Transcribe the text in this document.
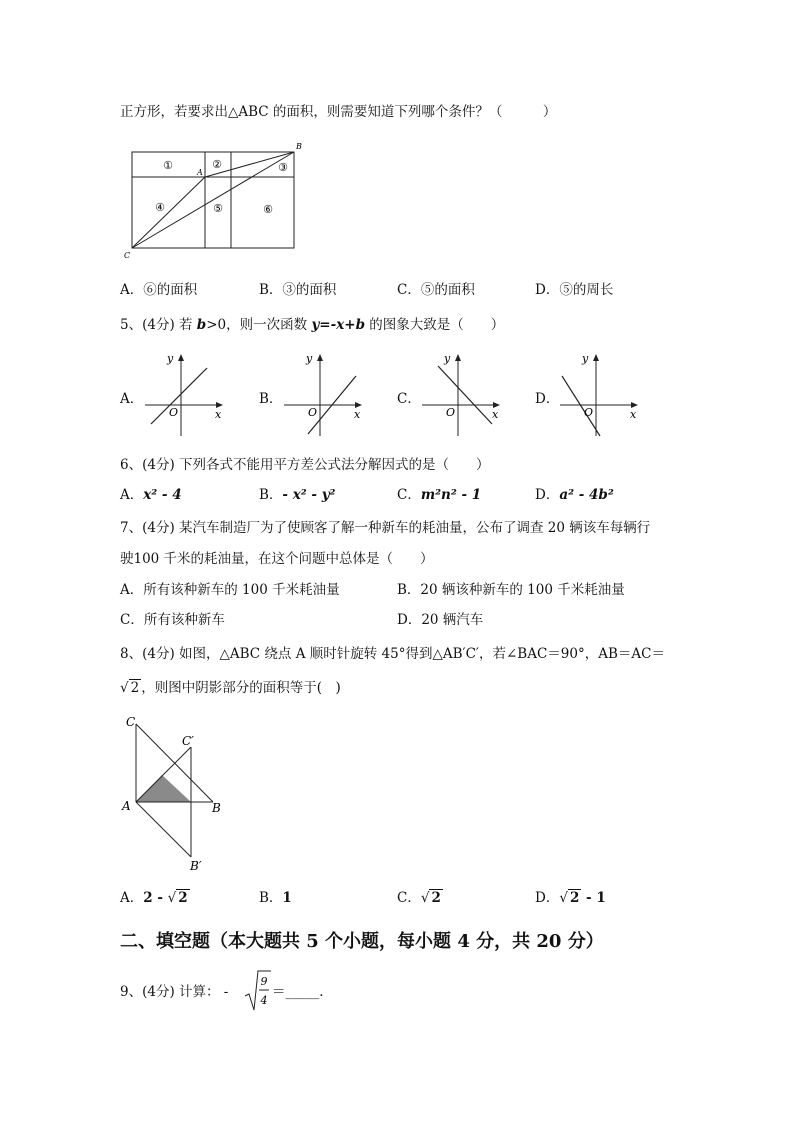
正方形，若要求出△ABC 的面积，则需要知道下列哪个条件？（　　　）
①	②	③
④	⑤	⑥
A
B
C
A．⑥的面积	B．③的面积	C．⑤的面积	D．⑤的周长
5、(4分) 若 b>0，则一次函数 y=-x+b 的图象大致是（　　）
A．	B．	C．	D．
y
x
O
y
x
O
y
x
O
y
x
O
6、(4分) 下列各式不能用平方差公式法分解因式的是（　　）
A．x² - 4	B．- x² - y²	C．m²n² - 1	D．a² - 4b²
7、(4分) 某汽车制造厂为了使顾客了解一种新车的耗油量，公布了调查 20 辆该车每辆行
驶100 千米的耗油量，在这个问题中总体是（　　）
A．所有该种新车的 100 千米耗油量	B．20 辆该种新车的 100 千米耗油量
C．所有该种新车	D．20 辆汽车
8、(4分) 如图，△ABC 绕点 A 顺时针旋转 45°得到△AB′C′，若∠BAC＝90°，AB＝AC＝
√ 2 ，则图中阴影部分的面积等于(　)
C
C′
A	B
B′
A．2 - √ 2	B．1	C．√ 2	D．√ 2 - 1
二、填空题（本大题共 5 个小题，每小题 4 分，共 20 分）
9、(4分) 计算： -
9
4
＝_____.
